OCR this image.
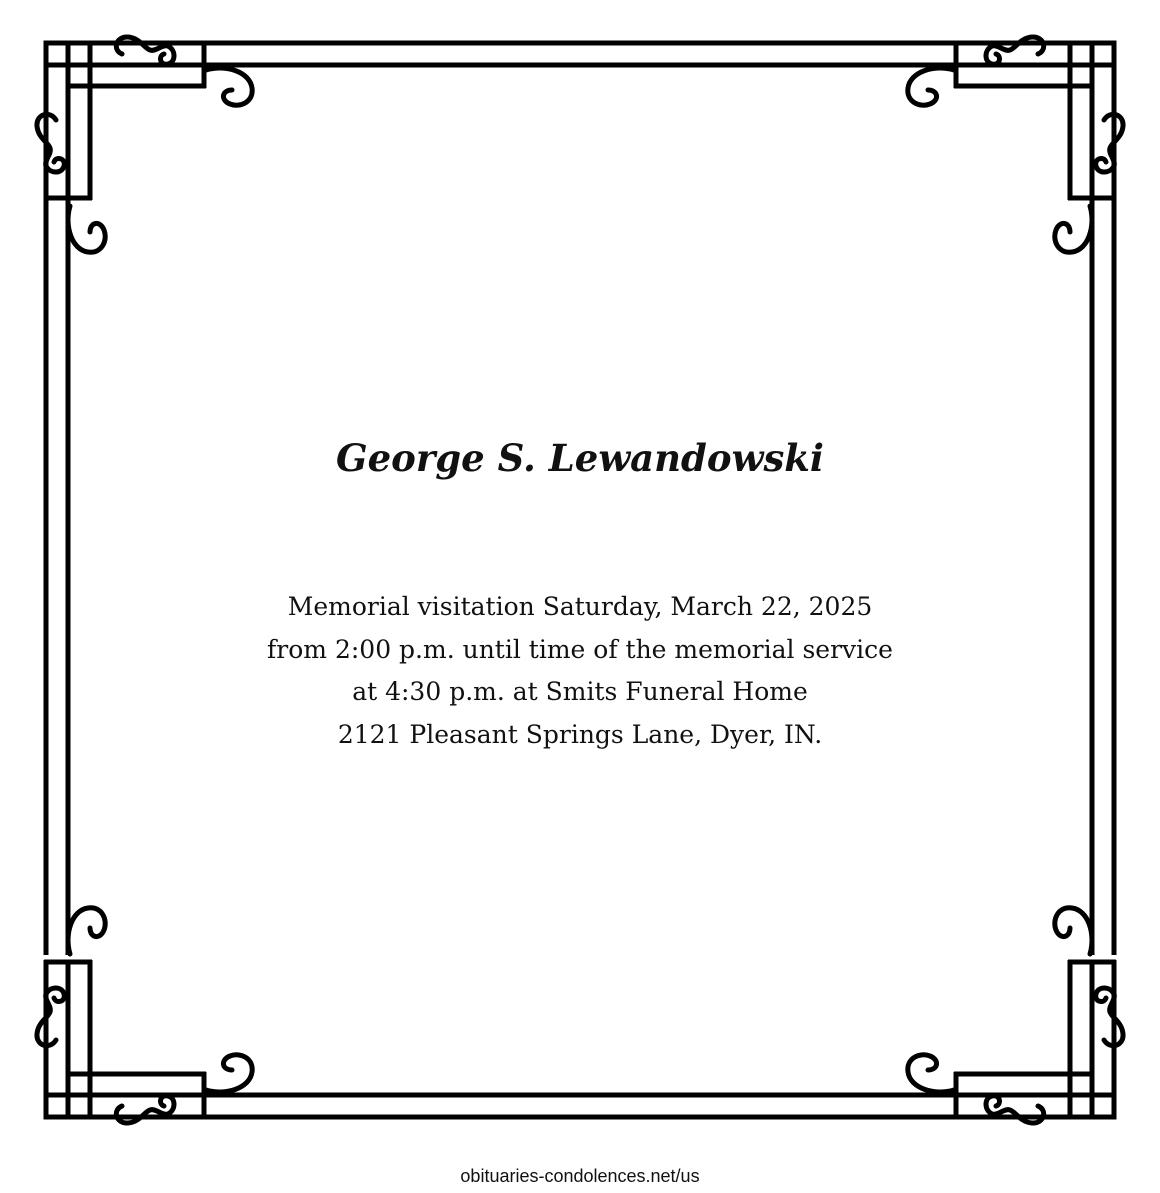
George S. Lewandowski
Memorial visitation Saturday, March 22, 2025
from 2:00 p.m. until time of the memorial service
at 4:30 p.m. at Smits Funeral Home
2121 Pleasant Springs Lane, Dyer, IN.
obituaries-condolences.net/us
